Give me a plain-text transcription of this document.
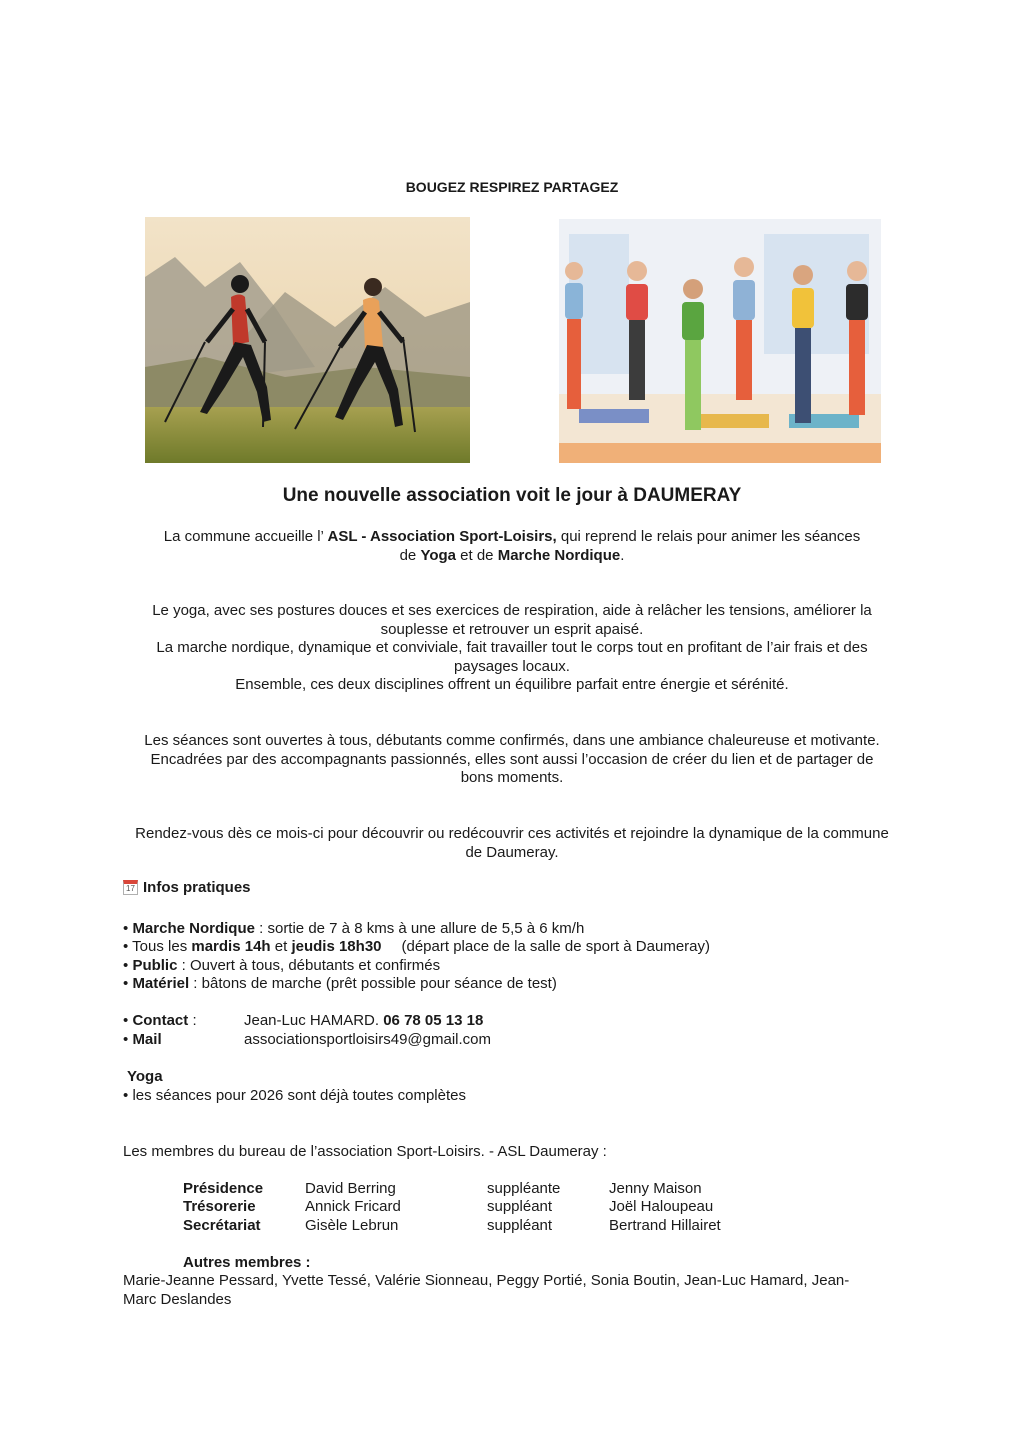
BOUGEZ RESPIREZ PARTAGEZ
Une nouvelle association voit le jour à DAUMERAY
La commune accueille l’ ASL - Association Sport-Loisirs, qui reprend le relais pour animer les séances
de Yoga et de Marche Nordique.
Le yoga, avec ses postures douces et ses exercices de respiration, aide à relâcher les tensions, améliorer la
souplesse et retrouver un esprit apaisé.
La marche nordique, dynamique et conviviale, fait travailler tout le corps tout en profitant de l’air frais et des
paysages locaux.
Ensemble, ces deux disciplines offrent un équilibre parfait entre énergie et sérénité.
Les séances sont ouvertes à tous, débutants comme confirmés, dans une ambiance chaleureuse et motivante.
Encadrées par des accompagnants passionnés, elles sont aussi l’occasion de créer du lien et de partager de
bons moments.
Rendez-vous dès ce mois-ci pour découvrir ou redécouvrir ces activités et rejoindre la dynamique de la commune
de Daumeray.
17 Infos pratiques
• Marche Nordique : sortie de 7 à 8 kms à une allure de 5,5 à 6 km/h
• Tous les mardis 14h et jeudis 18h30 (départ place de la salle de sport à Daumeray)
• Public : Ouvert à tous, débutants et confirmés
• Matériel : bâtons de marche (prêt possible pour séance de test)
• Contact :	Jean-Luc HAMARD. 06 78 05 13 18
• Mail	associationsportloisirs49@gmail.com
Yoga
• les séances pour 2026 sont déjà toutes complètes
Les membres du bureau de l’association Sport-Loisirs. - ASL Daumeray :
Présidence	David Berring	suppléante	Jenny Maison
Trésorerie	Annick Fricard	suppléant	Joël Haloupeau
Secrétariat	Gisèle Lebrun	suppléant	Bertrand Hillairet
Autres membres :
Marie-Jeanne Pessard, Yvette Tessé, Valérie Sionneau, Peggy Portié, Sonia Boutin, Jean-Luc Hamard, Jean-
Marc Deslandes
